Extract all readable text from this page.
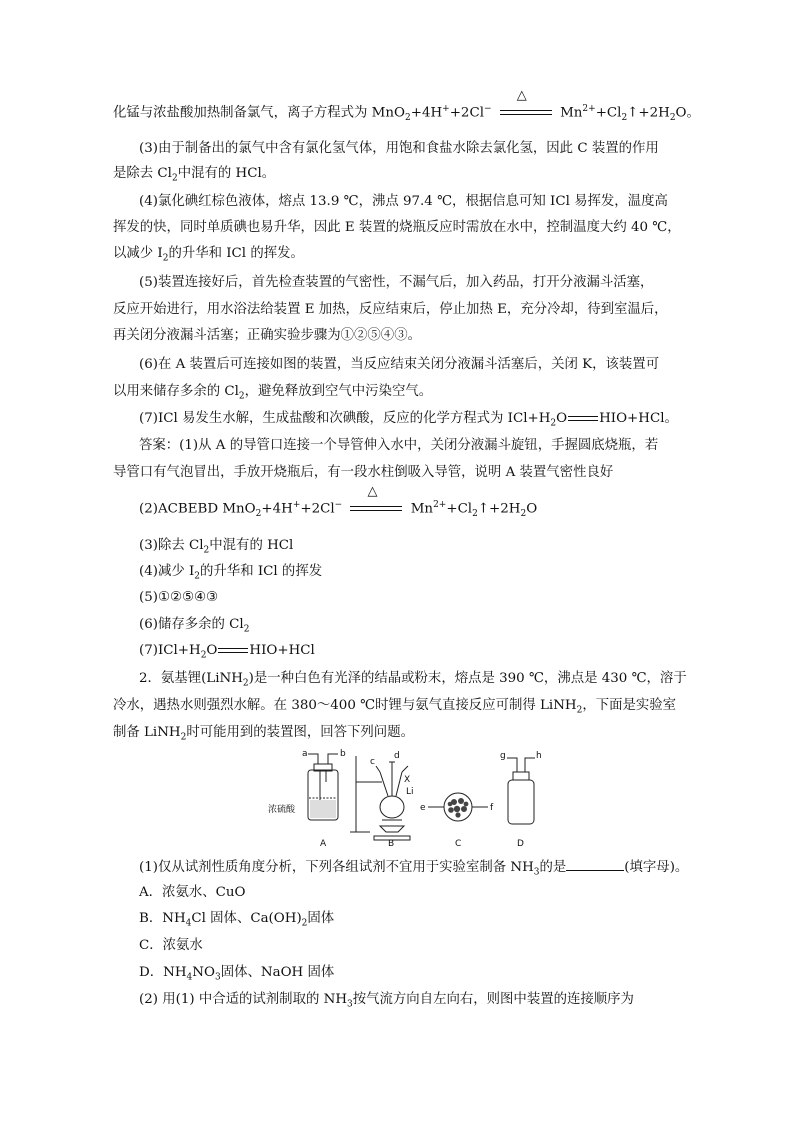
化锰与浓盐酸加热制备氯气，离子方程式为 MnO$_2$+4H++2Cl−
△
$Mn^{2+}+Cl_2↑+2H_2O$。
(3)由于制备出的氯气中含有氯化氢气体，用饱和食盐水除去氯化氢，因此 C 装置的作用
是除去 $Cl_2$中混有的 HCl。
(4)氯化碘红棕色液体，熔点 13.9 ℃，沸点 97.4 ℃，根据信息可知 ICl 易挥发，温度高
挥发的快，同时单质碘也易升华，因此 E 装置的烧瓶反应时需放在水中，控制温度大约 40 ℃，
以减少 $I_2$的升华和 ICl 的挥发。
(5)装置连接好后，首先检查装置的气密性，不漏气后，加入药品，打开分液漏斗活塞，
反应开始进行，用水浴法给装置 E 加热，反应结束后，停止加热 E，充分冷却，待到室温后，
再关闭分液漏斗活塞；正确实验步骤为①②⑤④③。
(6)在 A 装置后可连接如图的装置，当反应结束关闭分液漏斗活塞后，关闭 K，该装置可
以用来储存多余的 $Cl_2$，避免释放到空气中污染空气。
(7)ICl 易发生水解，生成盐酸和次碘酸，反应的化学方程式为 $ICl+H_2O$ HIO+HCl。
答案：(1)从 A 的导管口连接一个导管伸入水中，关闭分液漏斗旋钮，手握圆底烧瓶，若
导管口有气泡冒出，手放开烧瓶后，有一段水柱倒吸入导管，说明 A 装置气密性良好
(2)ACBEBD MnO$_2$+4H++2Cl−
△
$Mn^{2+}+Cl_2↑+2H_2O$
(3)除去 $Cl_2$中混有的 HCl
(4)减少 $I_2$的升华和 ICl 的挥发
(5)①②⑤④③
(6)储存多余的 $Cl_2$
$(7)ICl+H_2O$ HIO+HCl
2．氨基锂(LiNH$_2$)是一种白色有光泽的结晶或粉末，熔点是 390 ℃，沸点是 430 ℃，溶于
冷水，遇热水则强烈水解。在 380～400 ℃时锂与氨气直接反应可制得 LiNH$_2$，下面是实验室
制备 LiNH$_2$时可能用到的装置图，回答下列问题。
浓硫酸
a	b
c
d
X
Li
e	f
g	h
A	B	C	D
(1)仅从试剂性质角度分析，下列各组试剂不宜用于实验室制备 $NH_3$的是	(填字母)。
A．浓氨水、CuO
B．$NH_4Cl$ 固体、$Ca(OH)_2$固体
C．浓氨水
D．$NH_4NO_3$固体、NaOH 固体
(2) 用(1) 中合适的试剂制取的 $NH_3$按气流方向自左向右，则图中装置的连接顺序为
